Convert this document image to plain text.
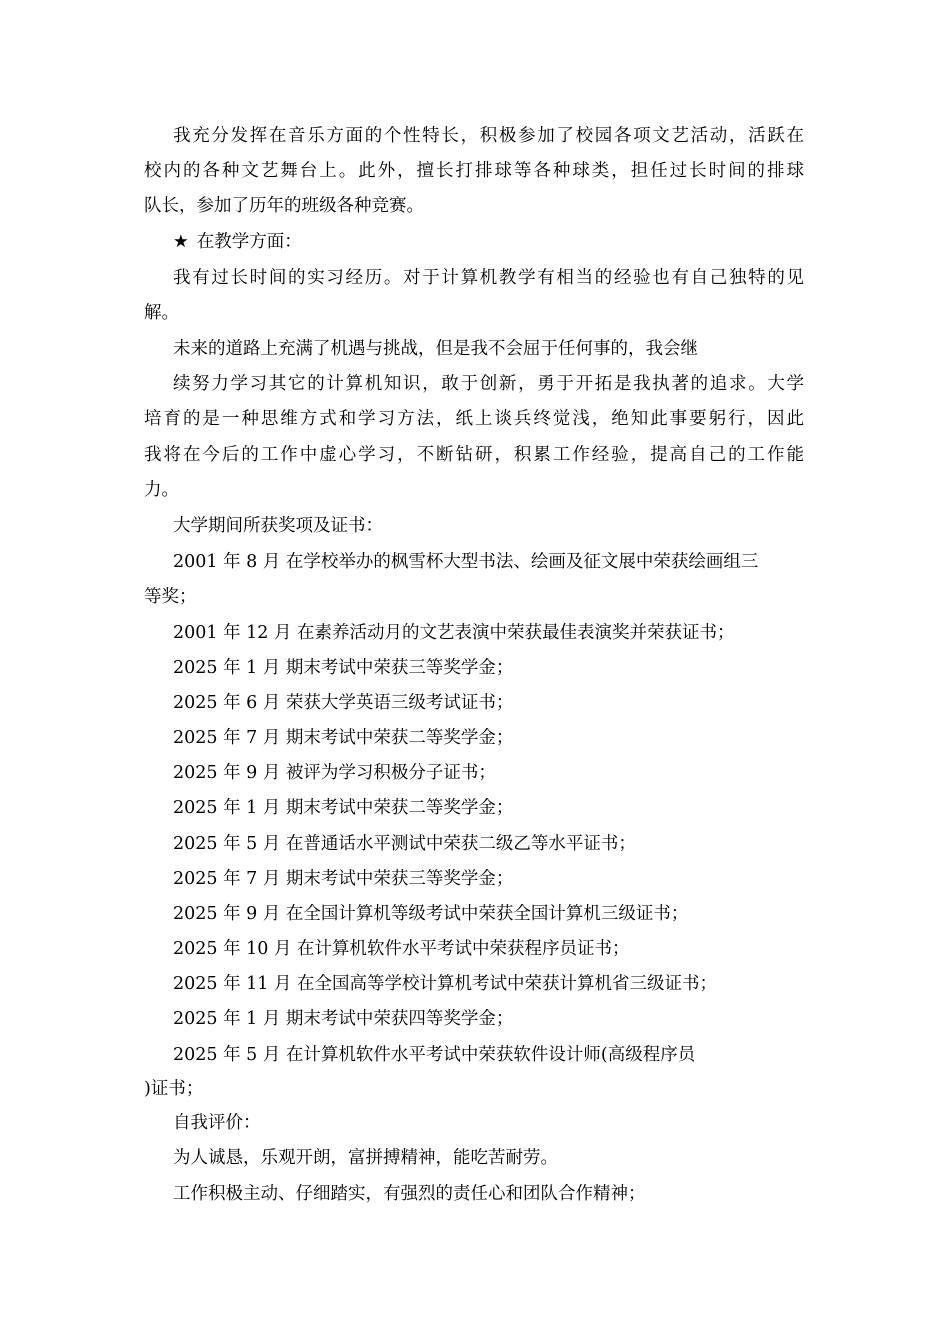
我充分发挥在音乐方面的个性特长，积极参加了校园各项文艺活动，活跃在
校内的各种文艺舞台上。此外，擅长打排球等各种球类，担任过长时间的排球
队长，参加了历年的班级各种竞赛。
★ 在教学方面：
我有过长时间的实习经历。对于计算机教学有相当的经验也有自己独特的见
解。
未来的道路上充满了机遇与挑战，但是我不会屈于任何事的，我会继
续努力学习其它的计算机知识，敢于创新，勇于开拓是我执著的追求。大学
培育的是一种思维方式和学习方法，纸上谈兵终觉浅，绝知此事要躬行，因此
我将在今后的工作中虚心学习，不断钻研，积累工作经验，提高自己的工作能
力。
大学期间所获奖项及证书：
2001 年 8 月 在学校举办的枫雪杯大型书法、绘画及征文展中荣获绘画组三
等奖；
2001 年 12 月 在素养活动月的文艺表演中荣获最佳表演奖并荣获证书；
2025 年 1 月 期末考试中荣获三等奖学金；
2025 年 6 月 荣获大学英语三级考试证书；
2025 年 7 月 期末考试中荣获二等奖学金；
2025 年 9 月 被评为学习积极分子证书；
2025 年 1 月 期末考试中荣获二等奖学金；
2025 年 5 月 在普通话水平测试中荣获二级乙等水平证书；
2025 年 7 月 期末考试中荣获三等奖学金；
2025 年 9 月 在全国计算机等级考试中荣获全国计算机三级证书；
2025 年 10 月 在计算机软件水平考试中荣获程序员证书；
2025 年 11 月 在全国高等学校计算机考试中荣获计算机省三级证书；
2025 年 1 月 期末考试中荣获四等奖学金；
2025 年 5 月 在计算机软件水平考试中荣获软件设计师(高级程序员
)证书；
自我评价：
为人诚恳，乐观开朗，富拼搏精神，能吃苦耐劳。
工作积极主动、仔细踏实，有强烈的责任心和团队合作精神；
